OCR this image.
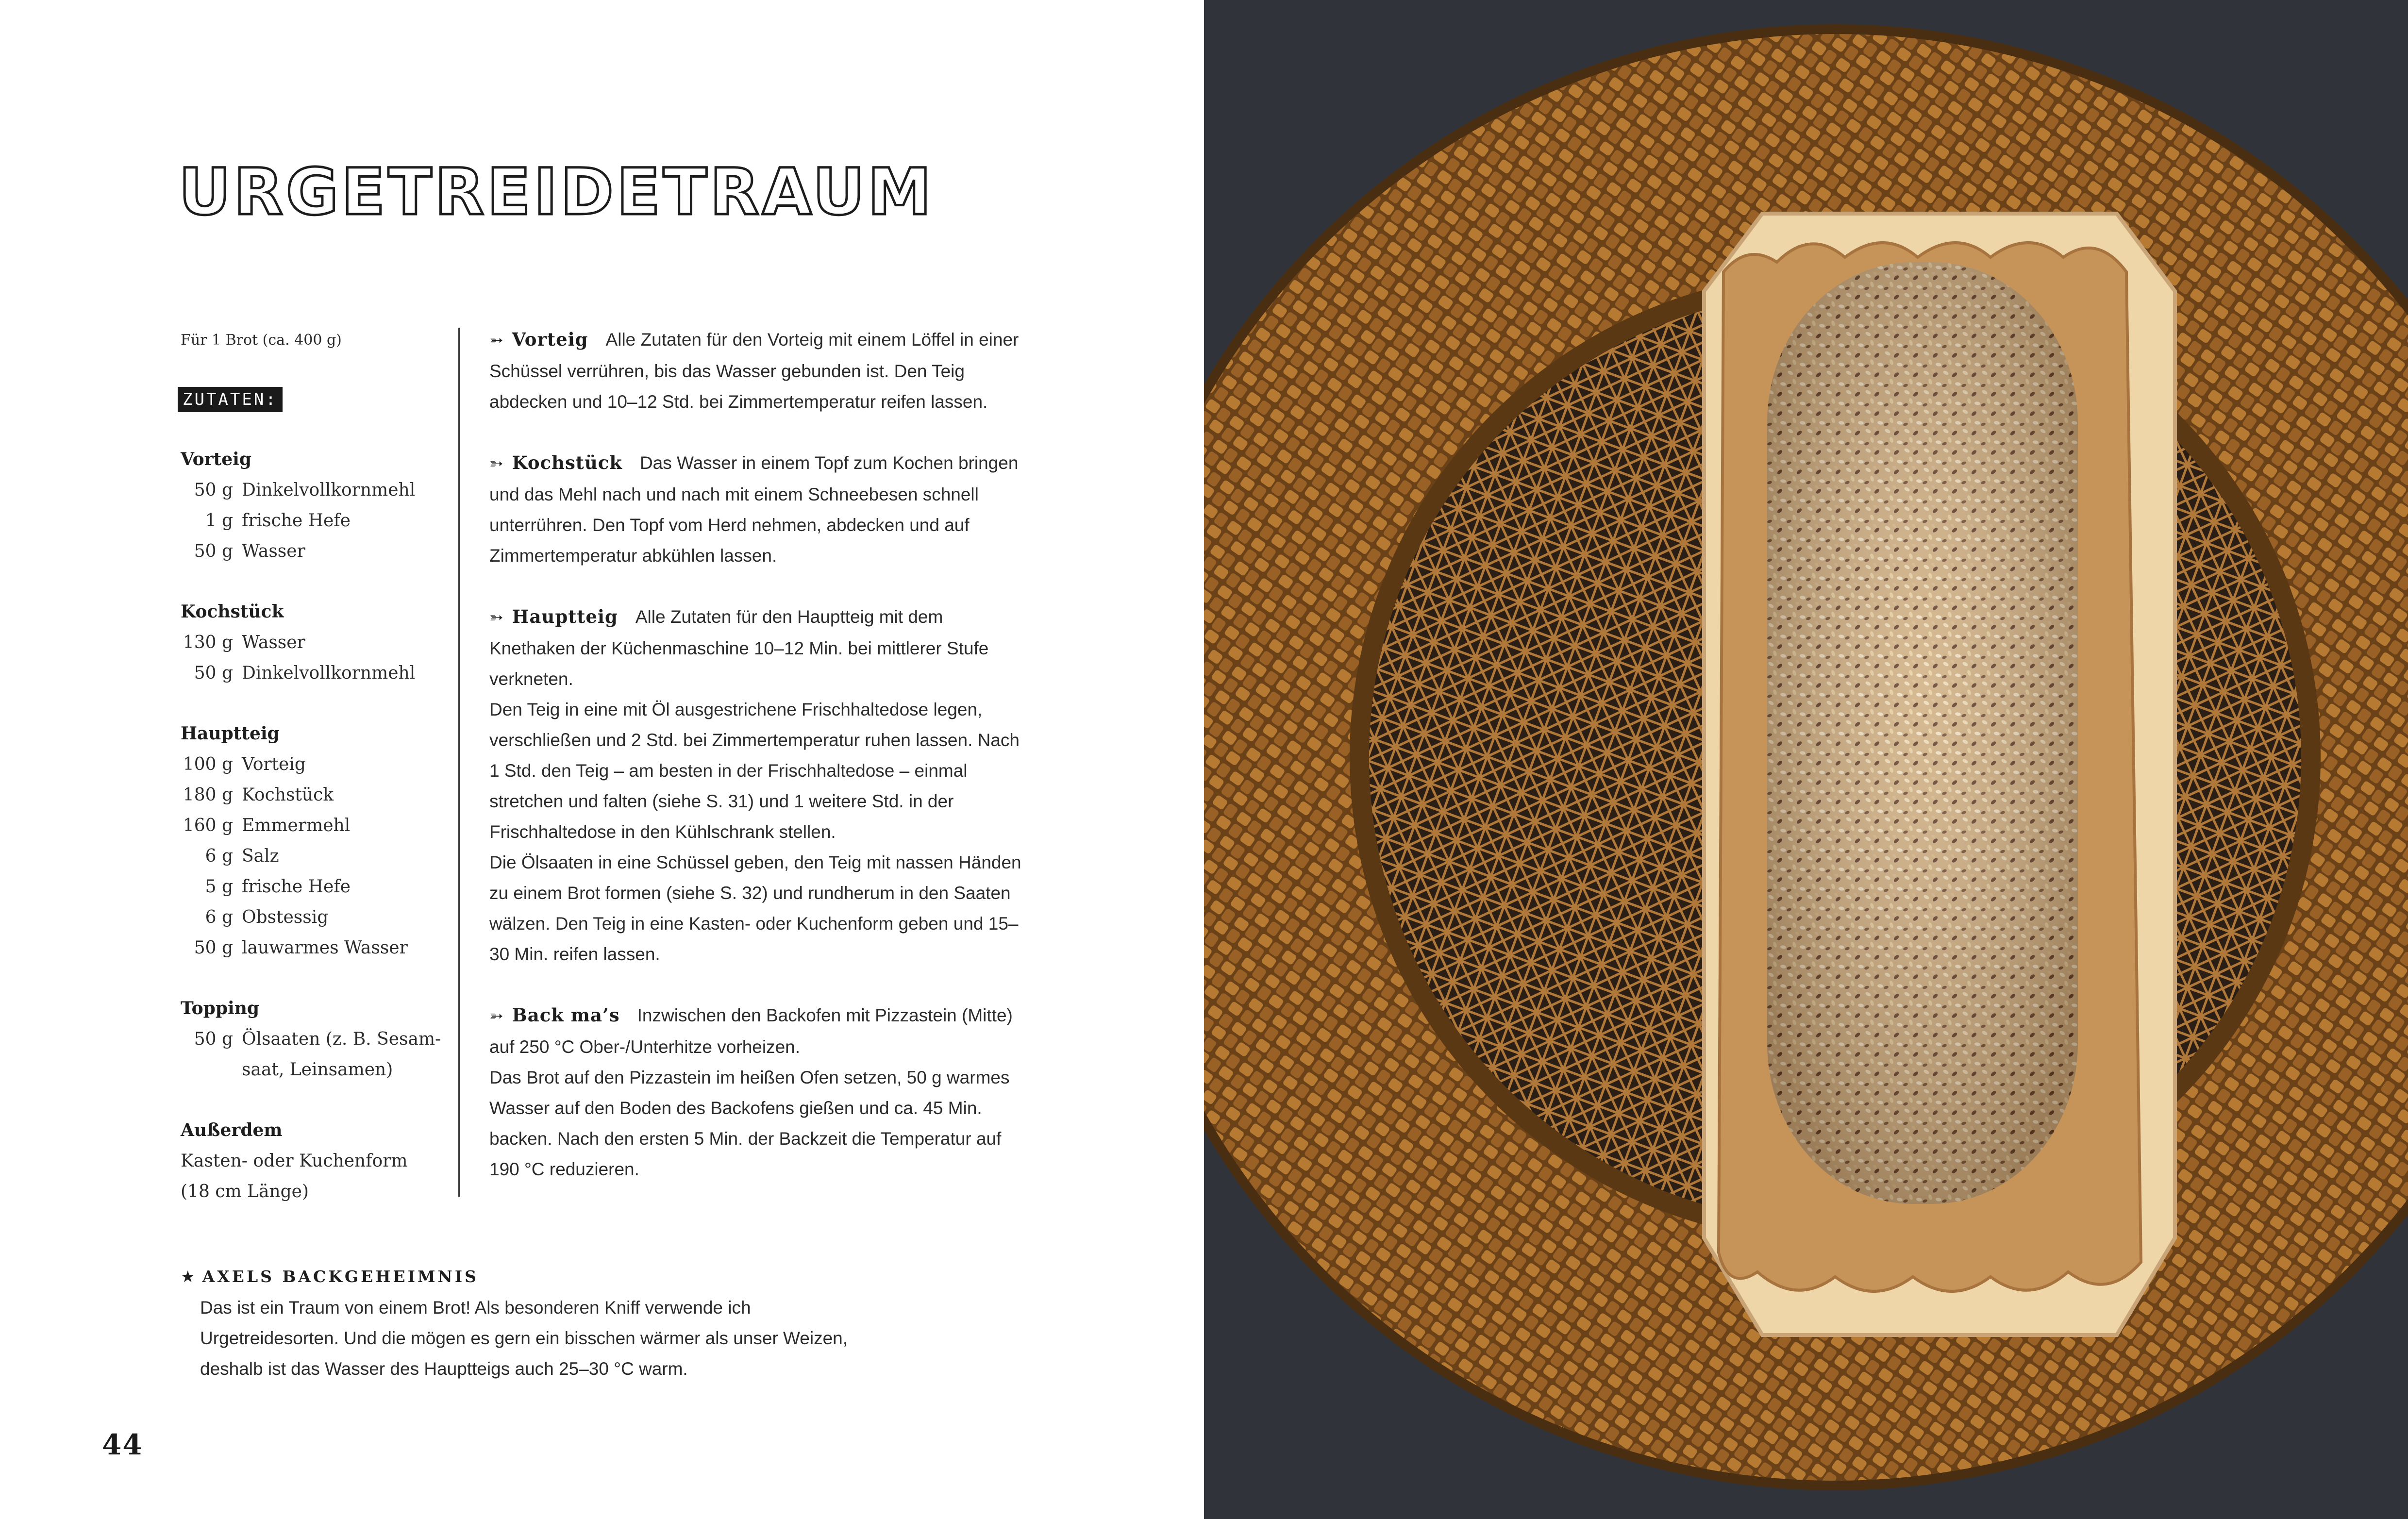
URGETREIDETRAUM
Für 1 Brot (ca. 400 g)
ZUTATEN:
Vorteig
50 g Dinkelvollkornmehl
1 g frische Hefe
50 g Wasser
Kochstück
130 g Wasser
50 g Dinkelvollkornmehl
Hauptteig
100 g Vorteig
180 g Kochstück
160 g Emmermehl
6 g Salz
5 g frische Hefe
6 g Obstessig
50 g lauwarmes Wasser
Topping
50 g Ölsaaten (z. B. Sesam-
saat, Leinsamen)
Außerdem
Kasten- oder Kuchenform
(18 cm Länge)

➳ Vorteig Alle Zutaten für den Vorteig mit einem Löffel in einer Schüssel verrühren, bis das Wasser gebunden ist. Den Teig abdecken und 10–12 Std. bei Zimmertemperatur reifen lassen.

➳ Kochstück Das Wasser in einem Topf zum Kochen bringen und das Mehl nach und nach mit einem Schneebesen schnell unterrühren. Den Topf vom Herd nehmen, abdecken und auf Zimmertemperatur abkühlen lassen.

➳ Hauptteig Alle Zutaten für den Hauptteig mit dem Knethaken der Küchenmaschine 10–12 Min. bei mittlerer Stufe verkneten.

Den Teig in eine mit Öl ausgestrichene Frischhaltedose legen, verschließen und 2 Std. bei Zimmertemperatur ruhen lassen. Nach 1 Std. den Teig – am besten in der Frischhaltedose – einmal stretchen und falten (siehe S. 31) und 1 weitere Std. in der Frischhaltedose in den Kühlschrank stellen.

Die Ölsaaten in eine Schüssel geben, den Teig mit nassen Händen zu einem Brot formen (siehe S. 32) und rundherum in den Saaten wälzen. Den Teig in eine Kasten- oder Kuchenform geben und 15–30 Min. reifen lassen.

➳ Back ma’s Inzwischen den Backofen mit Pizzastein (Mitte) auf 250 °C Ober-/Unterhitze vorheizen.

Das Brot auf den Pizzastein im heißen Ofen setzen, 50 g warmes Wasser auf den Boden des Backofens gießen und ca. 45 Min. backen. Nach den ersten 5 Min. der Backzeit die Temperatur auf 190 °C reduzieren.

★ AXELS BACKGEHEIMNIS
Das ist ein Traum von einem Brot! Als besonderen Kniff verwende ich Urgetreidesorten. Und die mögen es gern ein bisschen wärmer als unser Weizen, deshalb ist das Wasser des Hauptteigs auch 25–30 °C warm.
44
